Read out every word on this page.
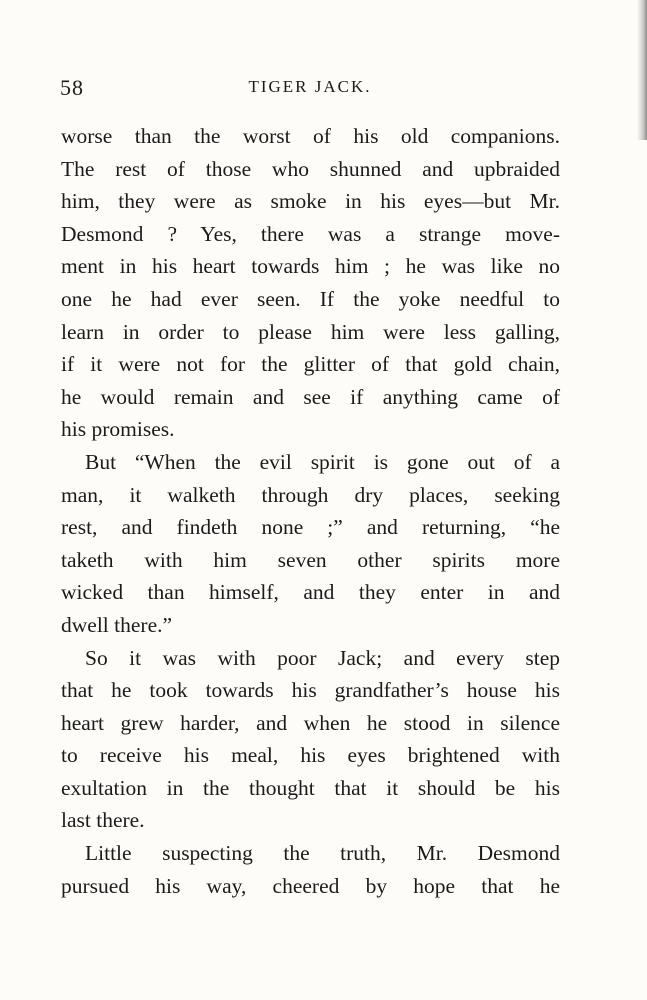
58	TIGER JACK.
worse than the worst of his old companions.
The rest of those who shunned and upbraided
him, they were as smoke in his eyes—but Mr.
Desmond ? Yes, there was a strange move-
ment in his heart towards him ; he was like no
one he had ever seen. If the yoke needful to
learn in order to please him were less galling,
if it were not for the glitter of that gold chain,
he would remain and see if anything came of
his promises.
But “When the evil spirit is gone out of a
man, it walketh through dry places, seeking
rest, and findeth none ;” and returning, “he
taketh with him seven other spirits more
wicked than himself, and they enter in and
dwell there.”
So it was with poor Jack; and every step
that he took towards his grandfather’s house his
heart grew harder, and when he stood in silence
to receive his meal, his eyes brightened with
exultation in the thought that it should be his
last there.
Little suspecting the truth, Mr. Desmond
pursued his way, cheered by hope that he
